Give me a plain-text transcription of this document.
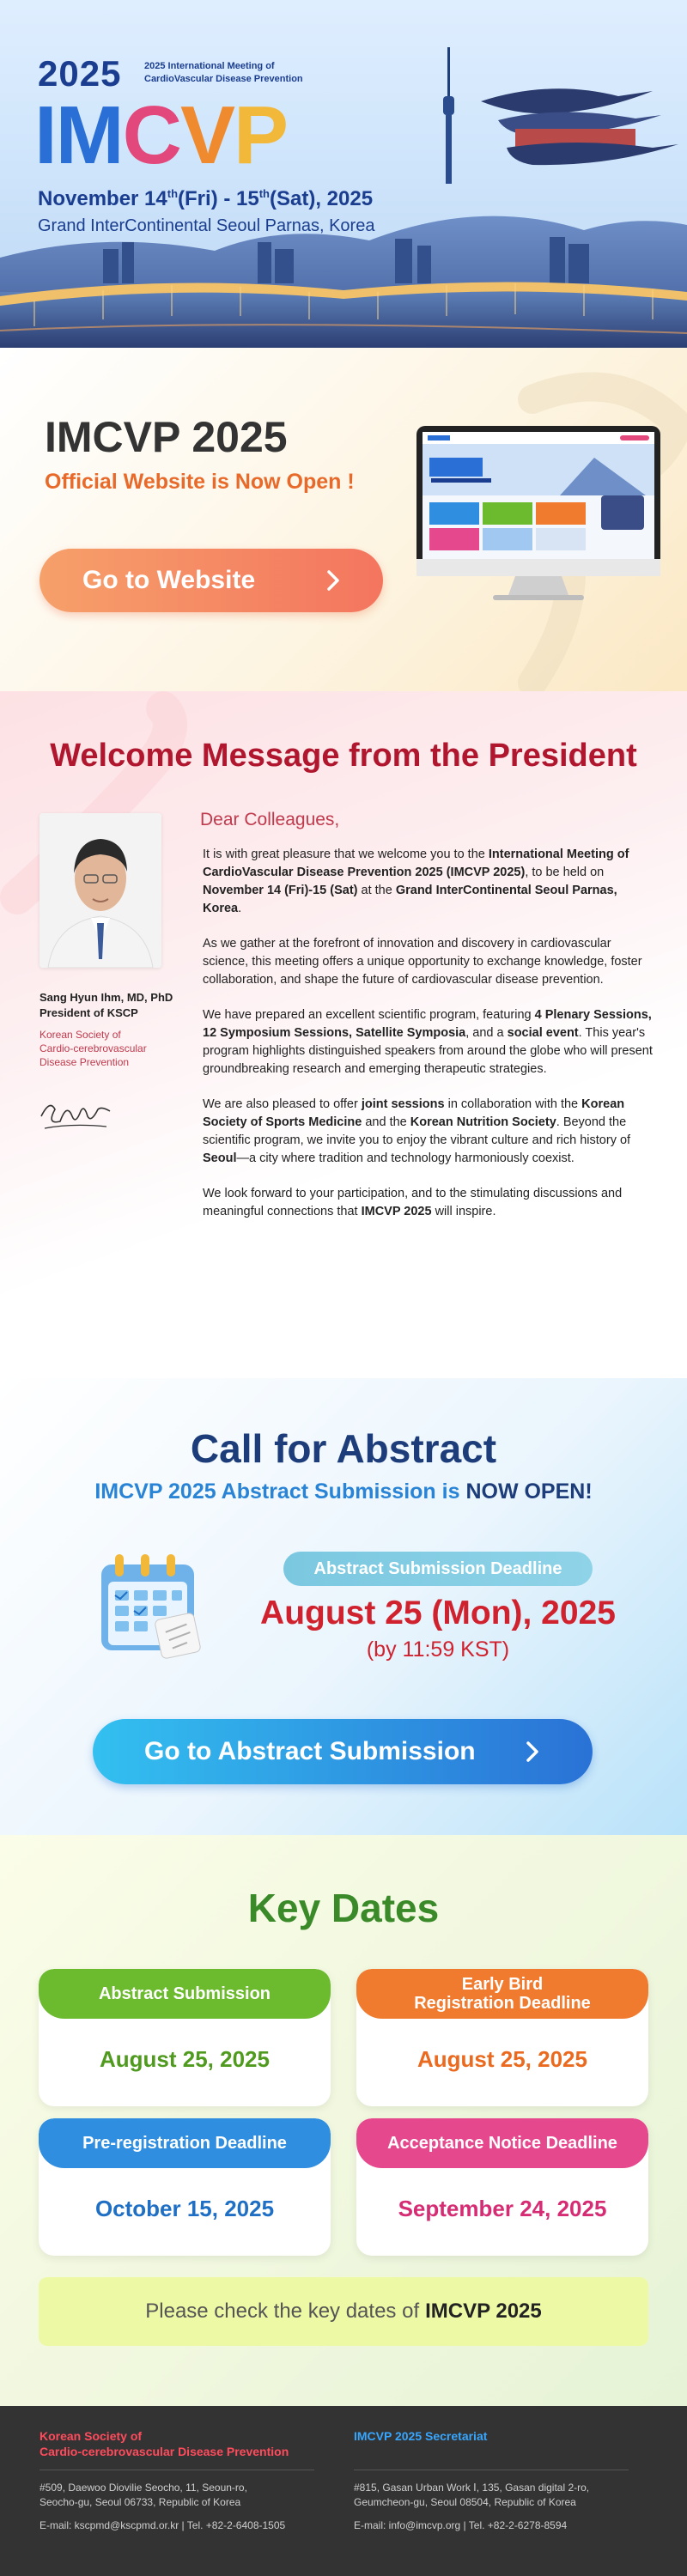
2025 2025 International Meeting of
CardioVascular Disease Prevention
IMCVP
November 14th(Fri) - 15th(Sat), 2025
Grand InterContinental Seoul Parnas, Korea
IMCVP 2025
Official Website is Now Open !
Go to Website
Welcome Message from the President
Sang Hyun Ihm, MD, PhD
President of KSCP
Korean Society of
Cardio-cerebrovascular
Disease Prevention
Dear Colleagues,

It is with great pleasure that we welcome you to the International Meeting of CardioVascular Disease Prevention 2025 (IMCVP 2025), to be held on November 14 (Fri)-15 (Sat) at the Grand InterContinental Seoul Parnas, Korea.

As we gather at the forefront of innovation and discovery in cardiovascular science, this meeting offers a unique opportunity to exchange knowledge, foster collaboration, and shape the future of cardiovascular disease prevention.

We have prepared an excellent scientific program, featuring 4 Plenary Sessions, 12 Symposium Sessions, Satellite Symposia, and a social event. This year's program highlights distinguished speakers from around the globe who will present groundbreaking research and emerging therapeutic strategies.

We are also pleased to offer joint sessions in collaboration with the Korean Society of Sports Medicine and the Korean Nutrition Society. Beyond the scientific program, we invite you to enjoy the vibrant culture and rich history of Seoul—a city where tradition and technology harmoniously coexist.

We look forward to your participation, and to the stimulating discussions and meaningful connections that IMCVP 2025 will inspire.

Call for Abstract
IMCVP 2025 Abstract Submission is NOW OPEN!
Abstract Submission Deadline
August 25 (Mon), 2025
(by 11:59 KST)
Go to Abstract Submission
Key Dates
Abstract Submission
August 25, 2025
Early Bird
Registration Deadline
August 25, 2025
Pre-registration Deadline
October 15, 2025
Acceptance Notice Deadline
September 24, 2025
Please check the key dates of IMCVP 2025
Korean Society of
Cardio-cerebrovascular Disease Prevention
#509, Daewoo Diovilie Seocho, 11, Seoun-ro,
Seocho-gu, Seoul 06733, Republic of Korea
E-mail: kscpmd@kscpmd.or.kr | Tel. +82-2-6408-1505
IMCVP 2025 Secretariat
#815, Gasan Urban Work Ⅰ, 135, Gasan digital 2-ro,
Geumcheon-gu, Seoul 08504, Republic of Korea
E-mail: info@imcvp.org | Tel. +82-2-6278-8594
